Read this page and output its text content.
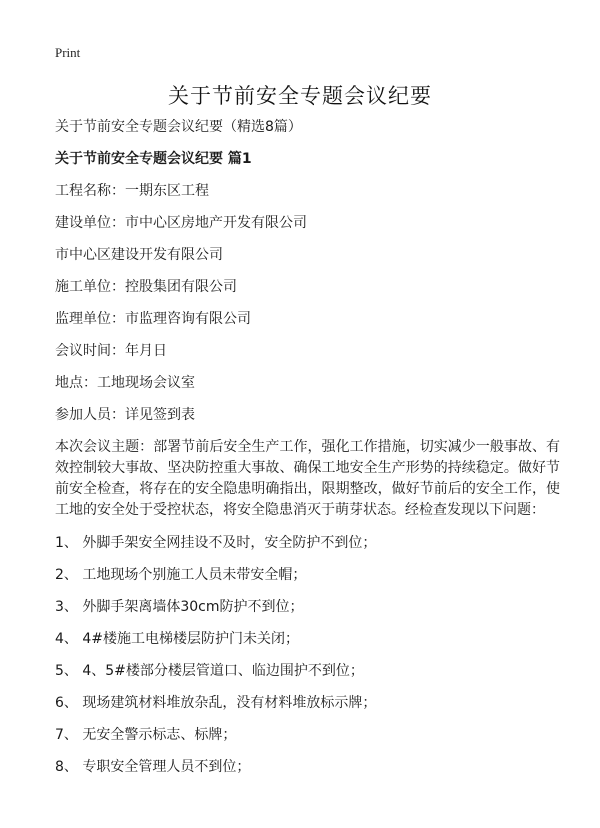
Print
关于节前安全专题会议纪要

关于节前安全专题会议纪要（精选8篇）

关于节前安全专题会议纪要 篇1

工程名称：一期东区工程

建设单位：市中心区房地产开发有限公司

市中心区建设开发有限公司

施工单位：控股集团有限公司

监理单位：市监理咨询有限公司

会议时间：年月日

地点：工地现场会议室

参加人员：详见签到表

本次会议主题：部署节前后安全生产工作，强化工作措施，切实减少一般事故、有效控制较大事故、坚决防控重大事故、确保工地安全生产形势的持续稳定。做好节前安全检查，将存在的安全隐患明确指出，限期整改，做好节前后的安全工作，使工地的安全处于受控状态，将安全隐患消灭于萌芽状态。经检查发现以下问题：

1、 外脚手架安全网挂设不及时，安全防护不到位；

2、 工地现场个别施工人员未带安全帽；

3、 外脚手架离墙体30cm防护不到位；

4、 4#楼施工电梯楼层防护门未关闭；

5、 4、5#楼部分楼层管道口、临边围护不到位；

6、 现场建筑材料堆放杂乱，没有材料堆放标示牌；

7、 无安全警示标志、标牌；

8、 专职安全管理人员不到位；
